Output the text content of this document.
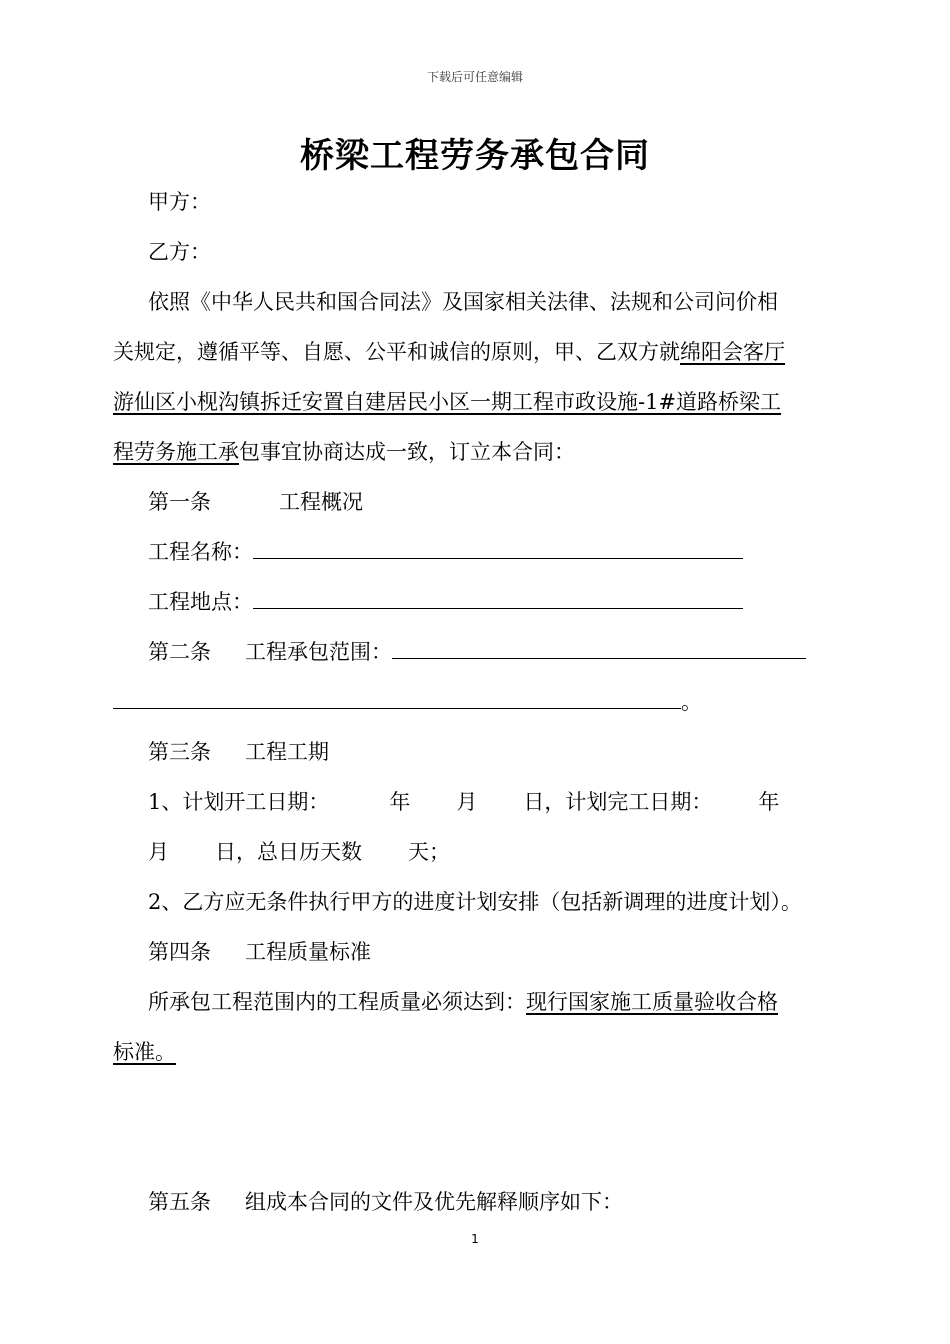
下载后可任意编辑
桥梁工程劳务承包合同
甲方：
乙方：
依照《中华人民共和国合同法》及国家相关法律、法规和公司问价相
关规定，遵循平等、自愿、公平和诚信的原则，甲、乙双方就绵阳会客厅
游仙区小枧沟镇拆迁安置自建居民小区一期工程市政设施-1#道路桥梁工
程劳务施工承包事宜协商达成一致，订立本合同：
第一条	工程概况
工程名称：
工程地点：
第二条 工程承包范围：
。
第三条 工程工期
1、计划开工日期：	年 月 日，计划完工日期： 年
月 日，总日历天数 天；
2、乙方应无条件执行甲方的进度计划安排（包括新调理的进度计划）。
第四条 工程质量标准
所承包工程范围内的工程质量必须达到：现行国家施工质量验收合格
标准。
第五条 组成本合同的文件及优先解释顺序如下：
1
